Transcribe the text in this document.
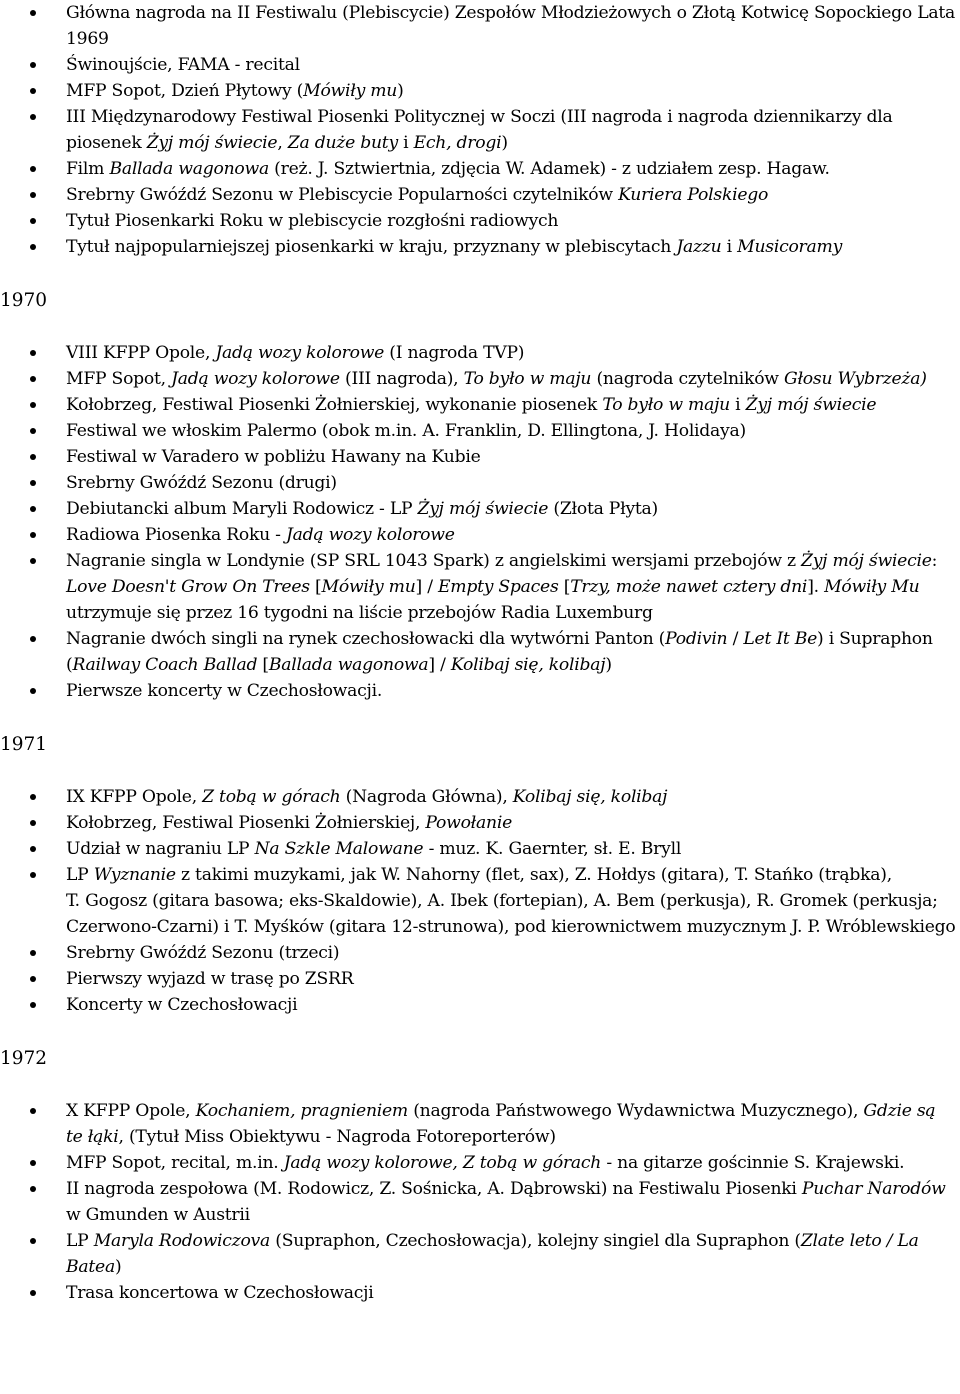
Główna nagroda na II Festiwalu (Plebiscycie) Zespołów Młodzieżowych o Złotą Kotwicę Sopockiego Lata 1969
Świnoujście, FAMA - recital
MFP Sopot, Dzień Płytowy (Mówiły mu)
III Międzynarodowy Festiwal Piosenki Politycznej w Soczi (III nagroda i nagroda dziennikarzy dla piosenek Żyj mój świecie, Za duże buty i Ech, drogi)
Film Ballada wagonowa (reż. J. Sztwiertnia, zdjęcia W. Adamek) - z udziałem zesp. Hagaw.
Srebrny Gwóźdź Sezonu w Plebiscycie Popularności czytelników Kuriera Polskiego
Tytuł Piosenkarki Roku w plebiscycie rozgłośni radiowych
Tytuł najpopularniejszej piosenkarki w kraju, przyznany w plebiscytach Jazzu i Musicoramy
1970
VIII KFPP Opole, Jadą wozy kolorowe (I nagroda TVP)
MFP Sopot, Jadą wozy kolorowe (III nagroda), To było w maju (nagroda czytelników Głosu Wybrzeża)
Kołobrzeg, Festiwal Piosenki Żołnierskiej, wykonanie piosenek To było w maju i Żyj mój świecie
Festiwal we włoskim Palermo (obok m.in. A. Franklin, D. Ellingtona, J. Holidaya)
Festiwal w Varadero w pobliżu Hawany na Kubie
Srebrny Gwóźdź Sezonu (drugi)
Debiutancki album Maryli Rodowicz - LP Żyj mój świecie (Złota Płyta)
Radiowa Piosenka Roku - Jadą wozy kolorowe
Nagranie singla w Londynie (SP SRL 1043 Spark) z angielskimi wersjami przebojów z Żyj mój świecie: Love Doesn't Grow On Trees [Mówiły mu] / Empty Spaces [Trzy, może nawet cztery dni]. Mówiły Mu utrzymuje się przez 16 tygodni na liście przebojów Radia Luxemburg
Nagranie dwóch singli na rynek czechosłowacki dla wytwórni Panton (Podivin / Let It Be) i Supraphon (Railway Coach Ballad [Ballada wagonowa] / Kolibaj się, kolibaj)
Pierwsze koncerty w Czechosłowacji.
1971
IX KFPP Opole, Z tobą w górach (Nagroda Główna), Kolibaj się, kolibaj
Kołobrzeg, Festiwal Piosenki Żołnierskiej, Powołanie
Udział w nagraniu LP Na Szkle Malowane - muz. K. Gaernter, sł. E. Bryll
LP Wyznanie z takimi muzykami, jak W. Nahorny (flet, sax), Z. Hołdys (gitara), T. Stańko (trąbka),
T. Gogosz (gitara basowa; eks-Skaldowie), A. Ibek (fortepian), A. Bem (perkusja), R. Gromek (perkusja; Czerwono-Czarni) i T. Myśków (gitara 12-strunowa), pod kierownictwem muzycznym J. P. Wróblewskiego
Srebrny Gwóźdź Sezonu (trzeci)
Pierwszy wyjazd w trasę po ZSRR
Koncerty w Czechosłowacji
1972
X KFPP Opole, Kochaniem, pragnieniem (nagroda Państwowego Wydawnictwa Muzycznego), Gdzie są te łąki, (Tytuł Miss Obiektywu - Nagroda Fotoreporterów)
MFP Sopot, recital, m.in. Jadą wozy kolorowe, Z tobą w górach - na gitarze gościnnie S. Krajewski.
II nagroda zespołowa (M. Rodowicz, Z. Sośnicka, A. Dąbrowski) na Festiwalu Piosenki Puchar Narodów w Gmunden w Austrii
LP Maryla Rodowiczova (Supraphon, Czechosłowacja), kolejny singiel dla Supraphon (Zlate leto / La Batea)
Trasa koncertowa w Czechosłowacji
